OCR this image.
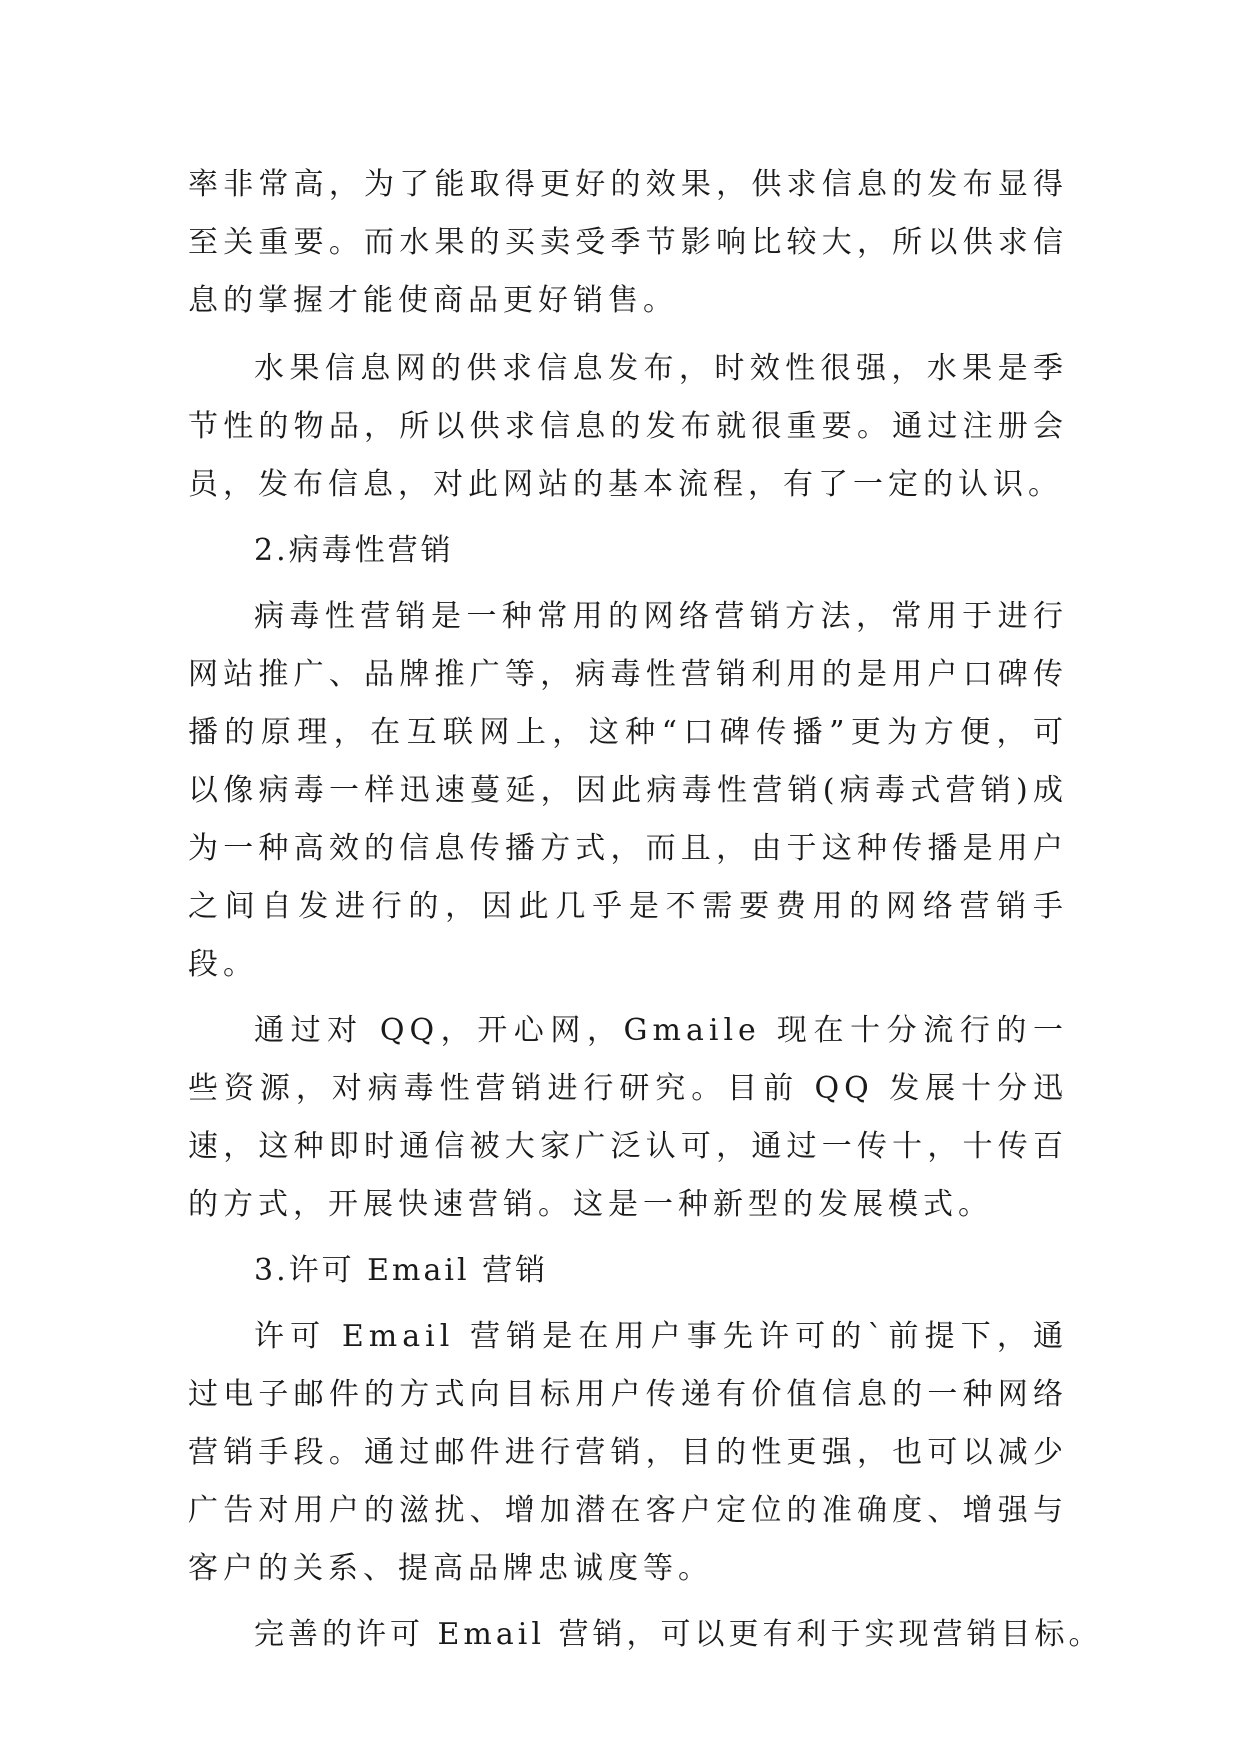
率非常高，为了能取得更好的效果，供求信息的发布显得至关重要。而水果的买卖受季节影响比较大，所以供求信息的掌握才能使商品更好销售。

水果信息网的供求信息发布，时效性很强，水果是季节性的物品，所以供求信息的发布就很重要。通过注册会员，发布信息，对此网站的基本流程，有了一定的认识。

2.病毒性营销

病毒性营销是一种常用的网络营销方法，常用于进行网站推广、品牌推广等，病毒性营销利用的是用户口碑传播的原理，在互联网上，这种“口碑传播”更为方便，可以像病毒一样迅速蔓延，因此病毒性营销(病毒式营销)成为一种高效的信息传播方式，而且，由于这种传播是用户之间自发进行的，因此几乎是不需要费用的网络营销手段。

通过对 QQ，开心网，Gmaile 现在十分流行的一些资源，对病毒性营销进行研究。目前 QQ 发展十分迅速，这种即时通信被大家广泛认可，通过一传十，十传百的方式，开展快速营销。这是一种新型的发展模式。

3.许可 Email 营销

许可 Email 营销是在用户事先许可的`前提下，通过电子邮件的方式向目标用户传递有价值信息的一种网络营销手段。通过邮件进行营销，目的性更强，也可以减少广告对用户的滋扰、增加潜在客户定位的准确度、增强与客户的关系、提高品牌忠诚度等。

完善的许可 Email 营销，可以更有利于实现营销目标。
